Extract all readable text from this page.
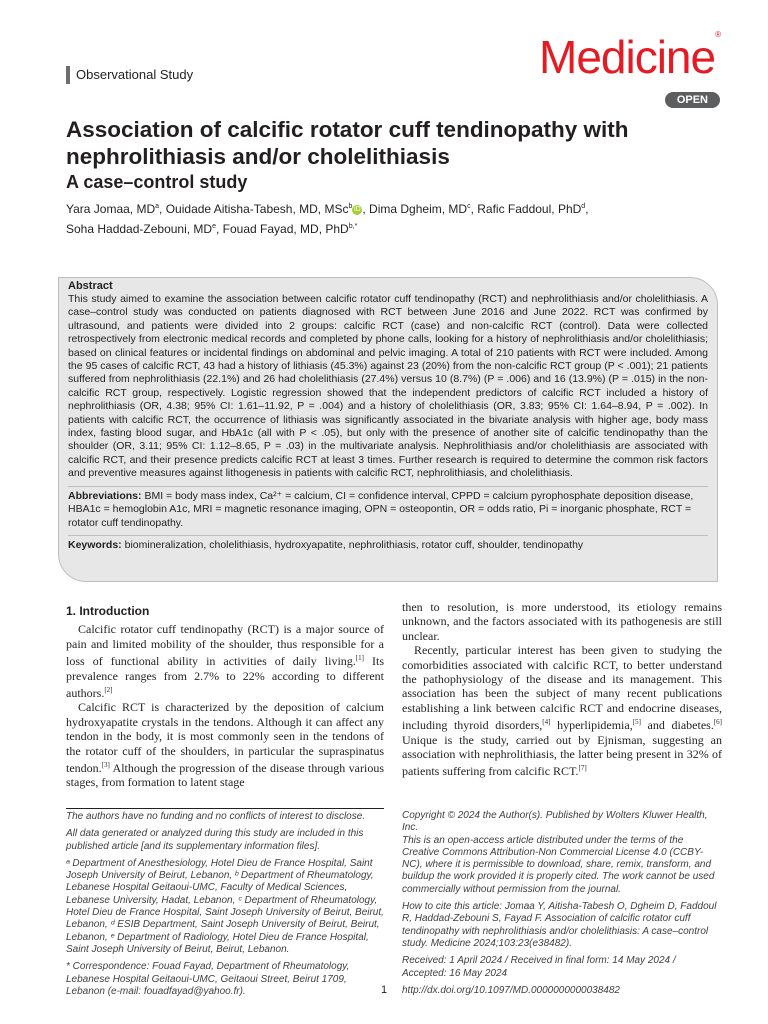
Observational Study	Medicine®
OPEN
Association of calcific rotator cuff tendinopathy with nephrolithiasis and/or cholelithiasis
A case–control study
Yara Jomaa, $MD^a$, Ouidade Aitisha-Tabesh, MD, MSc$^b$ iD , Dima Dgheim, $MD^c$, Rafic Faddoul, PhD$^d$,
Soha Haddad-Zebouni, MDe, Fouad Fayad, MD, PhD$^{b,*}$
Abstract
This study aimed to examine the association between calcific rotator cuff tendinopathy (RCT) and nephrolithiasis and/or cholelithiasis. A case–control study was conducted on patients diagnosed with RCT between June 2016 and June 2022. RCT was confirmed by ultrasound, and patients were divided into 2 groups: calcific RCT (case) and non-calcific RCT (control). Data were collected retrospectively from electronic medical records and completed by phone calls, looking for a history of nephrolithiasis and/or cholelithiasis; based on clinical features or incidental findings on abdominal and pelvic imaging. A total of 210 patients with RCT were included. Among the 95 cases of calcific RCT, 43 had a history of lithiasis (45.3%) against 23 (20%) from the non-calcific RCT group (P < .001); 21 patients suffered from nephrolithiasis (22.1%) and 26 had cholelithiasis (27.4%) versus 10 (8.7%) (P = .006) and 16 (13.9%) (P = .015) in the non-calcific RCT group, respectively. Logistic regression showed that the independent predictors of calcific RCT included a history of nephrolithiasis (OR, 4.38; 95% CI: 1.61–11.92, P = .004) and a history of cholelithiasis (OR, 3.83; 95% CI: 1.64–8.94, P = .002). In patients with calcific RCT, the occurrence of lithiasis was significantly associated in the bivariate analysis with higher age, body mass index, fasting blood sugar, and HbA1c (all with P < .05), but only with the presence of another site of calcific tendinopathy than the shoulder (OR, 3.11; 95% CI: 1.12–8.65, P = .03) in the multivariate analysis. Nephrolithiasis and/or cholelithiasis are associated with calcific RCT, and their presence predicts calcific RCT at least 3 times. Further research is required to determine the common risk factors and preventive measures against lithogenesis in patients with calcific RCT, nephrolithiasis, and cholelithiasis.
Abbreviations: BMI = body mass index, Ca²⁺ = calcium, CI = confidence interval, CPPD = calcium pyrophosphate deposition disease, HBA1c = hemoglobin A1c, MRI = magnetic resonance imaging, OPN = osteopontin, OR = odds ratio, Pi = inorganic phosphate, RCT = rotator cuff tendinopathy.
Keywords: biomineralization, cholelithiasis, hydroxyapatite, nephrolithiasis, rotator cuff, shoulder, tendinopathy
1. Introduction
Calcific rotator cuff tendinopathy (RCT) is a major source of pain and limited mobility of the shoulder, thus responsible for a loss of functional ability in activities of daily living.[1] Its prevalence ranges from 2.7% to 22% according to different authors.[2]
Calcific RCT is characterized by the deposition of calcium hydroxyapatite crystals in the tendons. Although it can affect any tendon in the body, it is most commonly seen in the tendons of the rotator cuff of the shoulders, in particular the supraspinatus tendon.[3] Although the progression of the disease through various stages, from formation to latent stage
then to resolution, is more understood, its etiology remains unknown, and the factors associated with its pathogenesis are still unclear.
Recently, particular interest has been given to studying the comorbidities associated with calcific RCT, to better understand the pathophysiology of the disease and its management. This association has been the subject of many recent publications establishing a link between calcific RCT and endocrine diseases, including thyroid disorders,[4] hyperlipidemia,[5] and diabetes.[6] Unique is the study, carried out by Ejnisman, suggesting an association with nephrolithiasis, the latter being present in 32% of patients suffering from calcific RCT.[7]

The authors have no funding and no conflicts of interest to disclose.

All data generated or analyzed during this study are included in this published article [and its supplementary information files].

ᵃ Department of Anesthesiology, Hotel Dieu de France Hospital, Saint Joseph University of Beirut, Lebanon, ᵇ Department of Rheumatology, Lebanese Hospital Geitaoui-UMC, Faculty of Medical Sciences, Lebanese University, Hadat, Lebanon, ᶜ Department of Rheumatology, Hotel Dieu de France Hospital, Saint Joseph University of Beirut, Beirut, Lebanon, ᵈ ESIB Department, Saint Joseph University of Beirut, Beirut, Lebanon, ᵉ Department of Radiology, Hotel Dieu de France Hospital, Saint Joseph University of Beirut, Beirut, Lebanon.

* Correspondence: Fouad Fayad, Department of Rheumatology, Lebanese Hospital Geitaoui-UMC, Geitaoui Street, Beirut 1709, Lebanon (e-mail: fouadfayad@yahoo.fr).

Copyright © 2024 the Author(s). Published by Wolters Kluwer Health, Inc.

This is an open-access article distributed under the terms of the Creative Commons Attribution-Non Commercial License 4.0 (CCBY-NC), where it is permissible to download, share, remix, transform, and buildup the work provided it is properly cited. The work cannot be used commercially without permission from the journal.

How to cite this article: Jomaa Y, Aitisha-Tabesh O, Dgheim D, Faddoul R, Haddad-Zebouni S, Fayad F. Association of calcific rotator cuff tendinopathy with nephrolithiasis and/or cholelithiasis: A case–control study. Medicine 2024;103:23(e38482).

Received: 1 April 2024 / Received in final form: 14 May 2024 / Accepted: 16 May 2024

http://dx.doi.org/10.1097/MD.0000000000038482

1
